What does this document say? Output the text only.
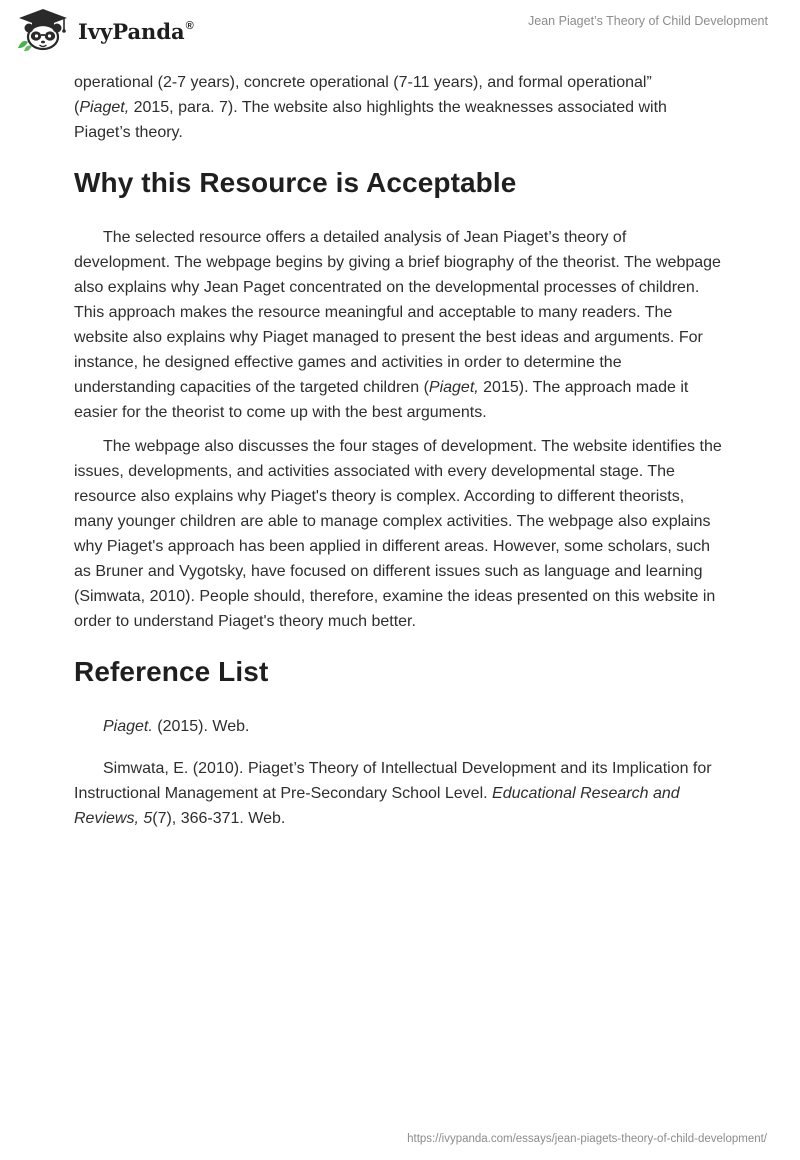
IvyPanda®	Jean Piaget’s Theory of Child Development

operational (2-7 years), concrete operational (7-11 years), and formal operational”
(Piaget, 2015, para. 7). The website also highlights the weaknesses associated with Piaget’s theory.

Why this Resource is Acceptable

The selected resource offers a detailed analysis of Jean Piaget’s theory of development. The webpage begins by giving a brief biography of the theorist. The webpage also explains why Jean Paget concentrated on the developmental processes of children. This approach makes the resource meaningful and acceptable to many readers. The website also explains why Piaget managed to present the best ideas and arguments. For instance, he designed effective games and activities in order to determine the understanding capacities of the targeted children (Piaget, 2015). The approach made it easier for the theorist to come up with the best arguments.

The webpage also discusses the four stages of development. The website identifies the issues, developments, and activities associated with every developmental stage. The resource also explains why Piaget's theory is complex. According to different theorists, many younger children are able to manage complex activities. The webpage also explains why Piaget's approach has been applied in different areas. However, some scholars, such as Bruner and Vygotsky, have focused on different issues such as language and learning (Simwata, 2010). People should, therefore, examine the ideas presented on this website in order to understand Piaget's theory much better.

Reference List

Piaget. (2015). Web.

Simwata, E. (2010). Piaget’s Theory of Intellectual Development and its Implication for Instructional Management at Pre-Secondary School Level. Educational Research and Reviews, 5(7), 366-371. Web.

https://ivypanda.com/essays/jean-piagets-theory-of-child-development/
